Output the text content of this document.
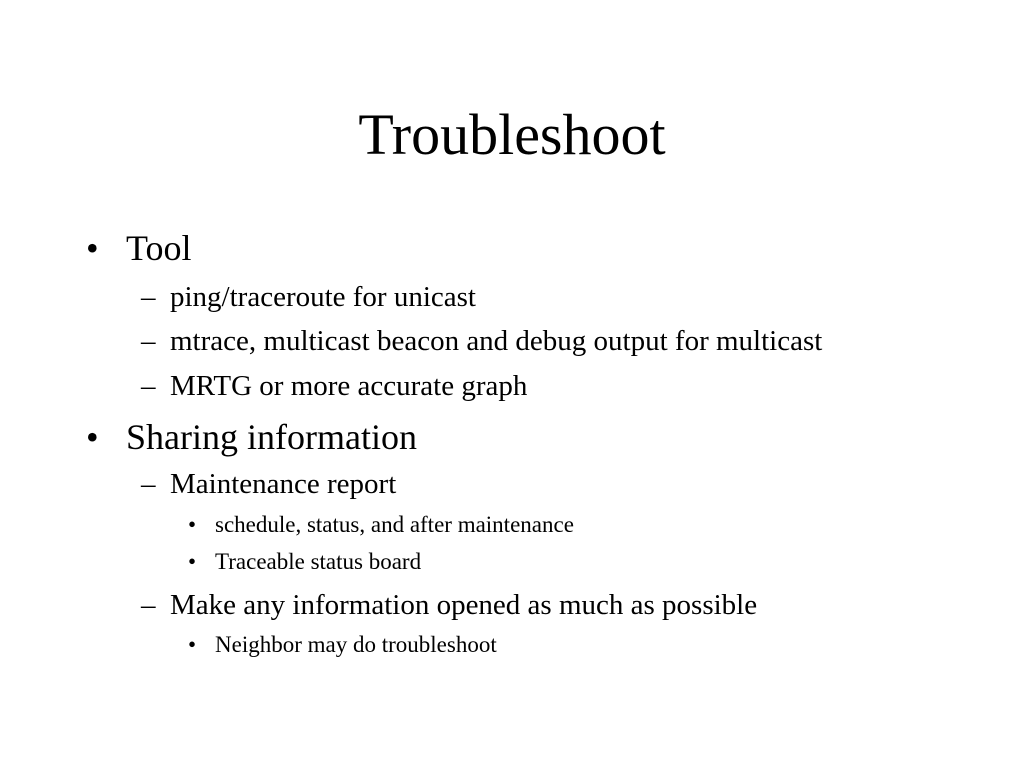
Troubleshoot
• Tool
– ping/traceroute for unicast
– mtrace, multicast beacon and debug output for multicast
– MRTG or more accurate graph
• Sharing information
– Maintenance report
• schedule, status, and after maintenance
• Traceable status board
– Make any information opened as much as possible
• Neighbor may do troubleshoot
